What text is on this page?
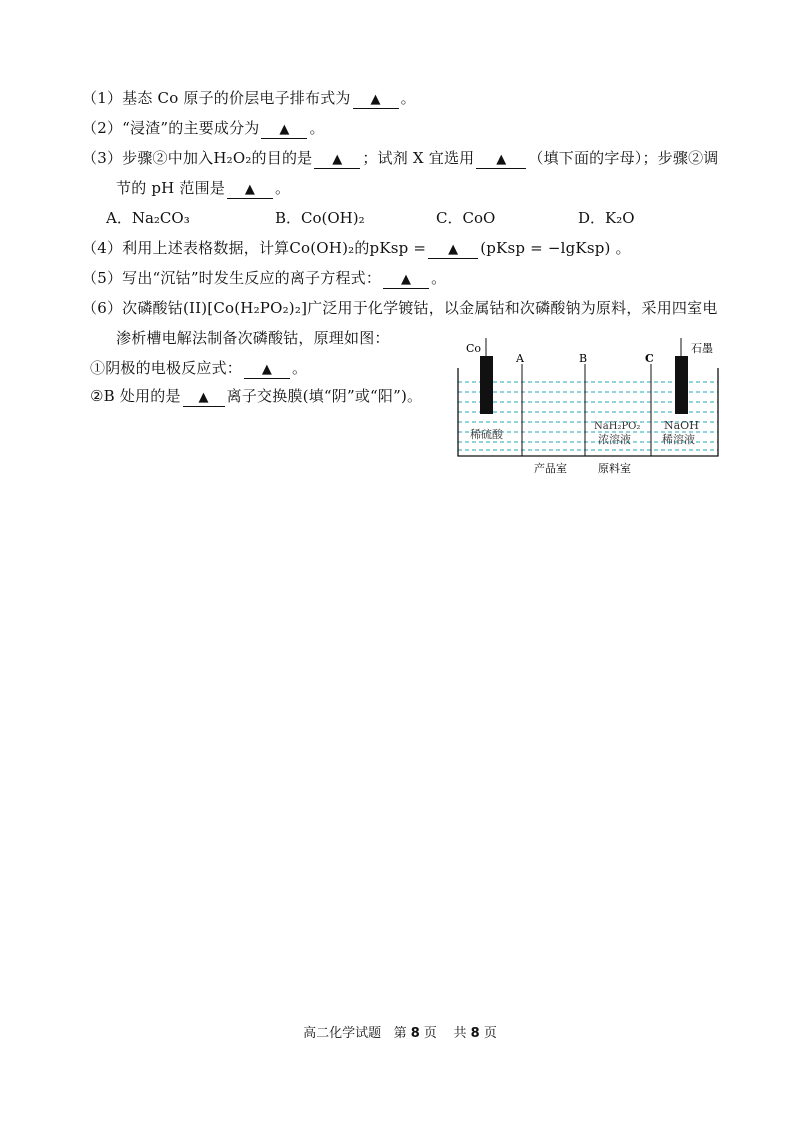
（1）基态 Co 原子的价层电子排布式为 ▲ 。
（2）“浸渣”的主要成分为 ▲ 。
（3）步骤②中加入H₂O₂的目的是 ▲ ；试剂 X 宜选用 ▲ （填下面的字母）；步骤②调
节的 pH 范围是 ▲ 。
A．Na₂CO₃	B．Co(OH)₂	C．CoO	D．K₂O
（4）利用上述表格数据，计算Co(OH)₂的pKsp = ▲ (pKsp = −lgKsp) 。
（5）写出“沉钴”时发生反应的离子方程式： ▲ 。
（6）次磷酸钴(II)[Co(H₂PO₂)₂]广泛用于化学镀钴，以金属钴和次磷酸钠为原料，采用四室电
渗析槽电解法制备次磷酸钴，原理如图：
①阴极的电极反应式： ▲ 。
②B 处用的是 ▲ 离子交换膜(填“阴”或“阳”)。
Co	石墨
A	B	C
稀硫酸
NaH₂PO₂
浓溶液
NaOH
稀溶液
产品室	原料室
高二化学试题 第 8 页 共 8 页
